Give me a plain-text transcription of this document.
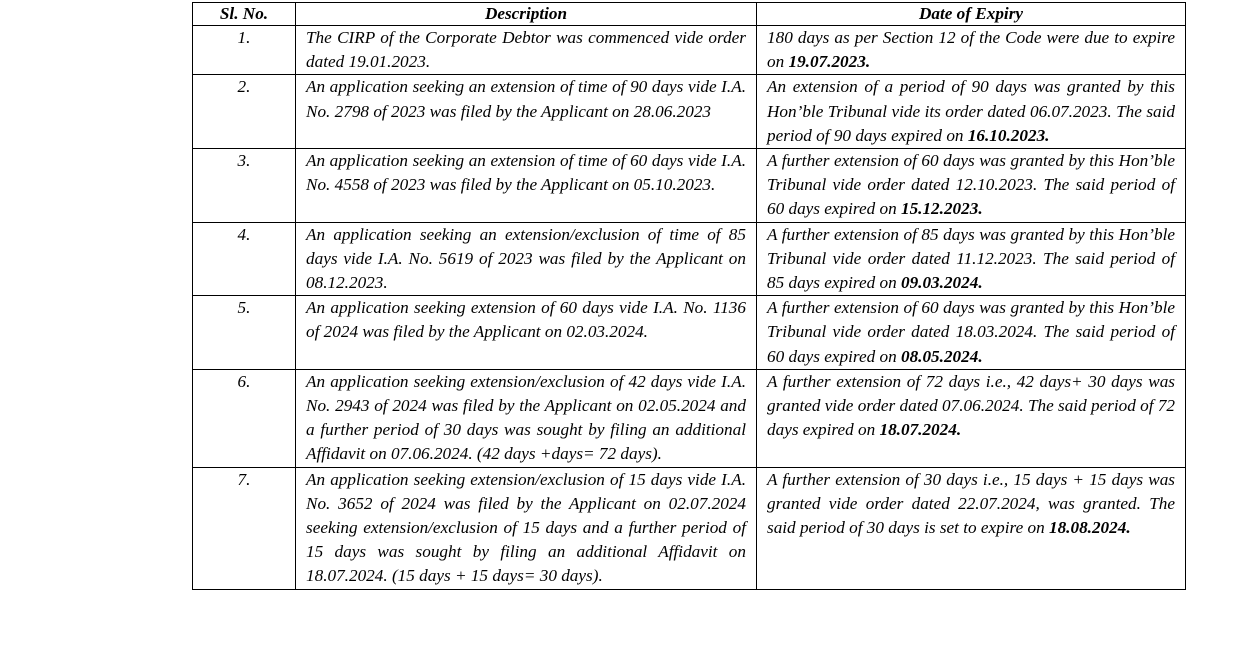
Sl. No.	Description	Date of Expiry
1.	The CIRP of the Corporate Debtor was commenced vide order dated 19.01.2023.	180 days as per Section 12 of the Code were due to expire on 19.07.2023.
2.	An application seeking an extension of time of 90 days vide I.A. No. 2798 of 2023 was filed by the Applicant on 28.06.2023	An extension of a period of 90 days was granted by this Hon’ble Tribunal vide its order dated 06.07.2023. The said period of 90 days expired on 16.10.2023.
3.	An application seeking an extension of time of 60 days vide I.A. No. 4558 of 2023 was filed by the Applicant on 05.10.2023.	A further extension of 60 days was granted by this Hon’ble Tribunal vide order dated 12.10.2023. The said period of 60 days expired on 15.12.2023.
4.	An application seeking an extension/exclusion of time of 85 days vide I.A. No. 5619 of 2023 was filed by the Applicant on 08.12.2023.	A further extension of 85 days was granted by this Hon’ble Tribunal vide order dated 11.12.2023. The said period of 85 days expired on 09.03.2024.
5.	An application seeking extension of 60 days vide I.A. No. 1136 of 2024 was filed by the Applicant on 02.03.2024.	A further extension of 60 days was granted by this Hon’ble Tribunal vide order dated 18.03.2024. The said period of 60 days expired on 08.05.2024.
6.	An application seeking extension/exclusion of 42 days vide I.A. No. 2943 of 2024 was filed by the Applicant on 02.05.2024 and a further period of 30 days was sought by filing an additional Affidavit on 07.06.2024. (42 days +days= 72 days).	A further extension of 72 days i.e., 42 days+ 30 days was granted vide order dated 07.06.2024. The said period of 72 days expired on 18.07.2024.
7.	An application seeking extension/exclusion of 15 days vide I.A. No. 3652 of 2024 was filed by the Applicant on 02.07.2024 seeking extension/exclusion of 15 days and a further period of 15 days was sought by filing an additional Affidavit on 18.07.2024. (15 days + 15 days= 30 days).	A further extension of 30 days i.e., 15 days + 15 days was granted vide order dated 22.07.2024, was granted. The said period of 30 days is set to expire on 18.08.2024.
